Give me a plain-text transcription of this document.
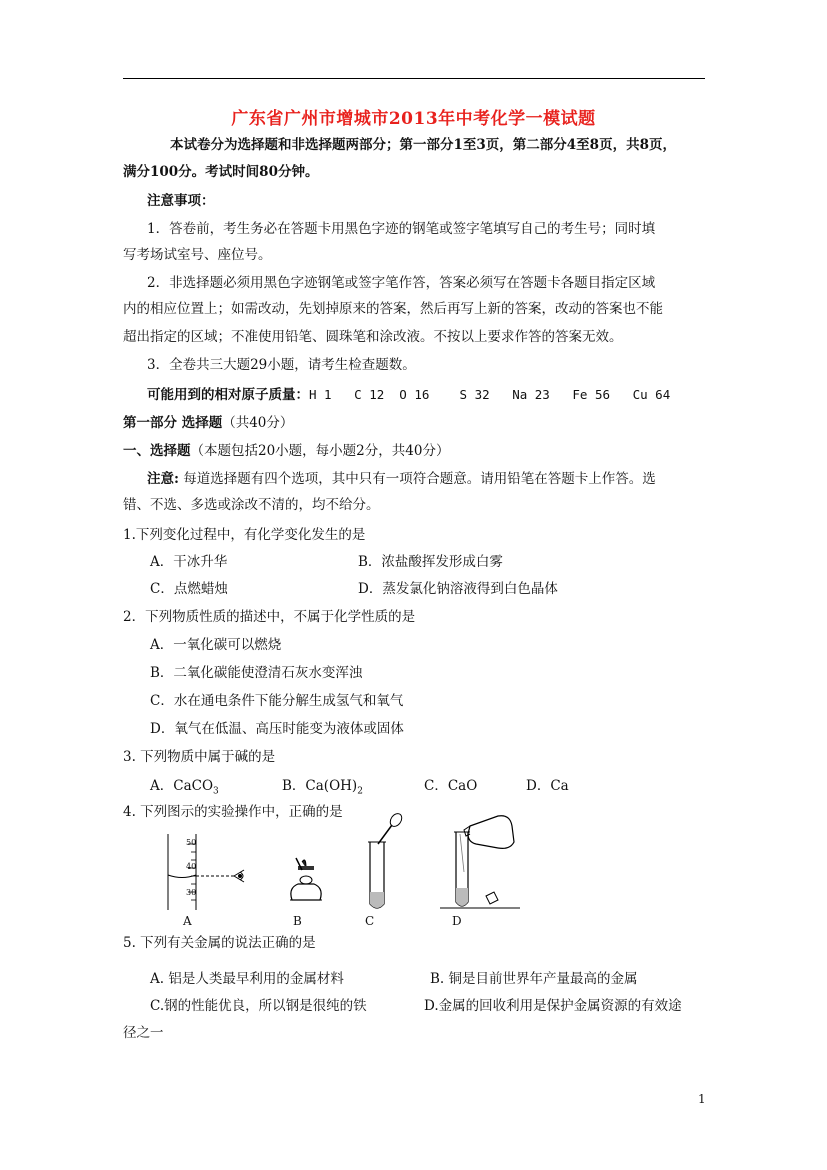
广东省广州市增城市2013年中考化学一模试题
本试卷分为选择题和非选择题两部分；第一部分1至3页，第二部分4至8页，共8页，
满分100分。考试时间80分钟。
注意事项：
1．答卷前，考生务必在答题卡用黑色字迹的钢笔或签字笔填写自己的考生号；同时填
写考场试室号、座位号。
2．非选择题必须用黑色字迹钢笔或签字笔作答，答案必须写在答题卡各题目指定区域
内的相应位置上；如需改动，先划掉原来的答案，然后再写上新的答案，改动的答案也不能
超出指定的区域；不准使用铅笔、圆珠笔和涂改液。不按以上要求作答的答案无效。
3．全卷共三大题29小题，请考生检查题数。
可能用到的相对原子质量：H 1   C 12  O 16    S 32   Na 23   Fe 56   Cu 64
第一部分 选择题（共40分）
一、选择题（本题包括20小题，每小题2分，共40分）
注意: 每道选择题有四个选项，其中只有一项符合题意。请用铅笔在答题卡上作答。选
错、不选、多选或涂改不清的，均不给分。
1.下列变化过程中，有化学变化发生的是
A．干冰升华	B．浓盐酸挥发形成白雾
C．点燃蜡烛	D．蒸发氯化钠溶液得到白色晶体
2．下列物质性质的描述中，不属于化学性质的是
A．一氧化碳可以燃烧
B．二氧化碳能使澄清石灰水变浑浊
C．水在通电条件下能分解生成氢气和氧气
D．氧气在低温、高压时能变为液体或固体
3. 下列物质中属于碱的是
A．CaCO$_3$	B．$Ca(OH)_2$	C．CaO	D．Ca
4. 下列图示的实验操作中，正确的是
50
40
30
A	B	C	D
5. 下列有关金属的说法正确的是
A. 铝是人类最早利用的金属材料	B. 铜是目前世界年产量最高的金属
C.钢的性能优良，所以钢是很纯的铁	D.金属的回收利用是保护金属资源的有效途
径之一
1
